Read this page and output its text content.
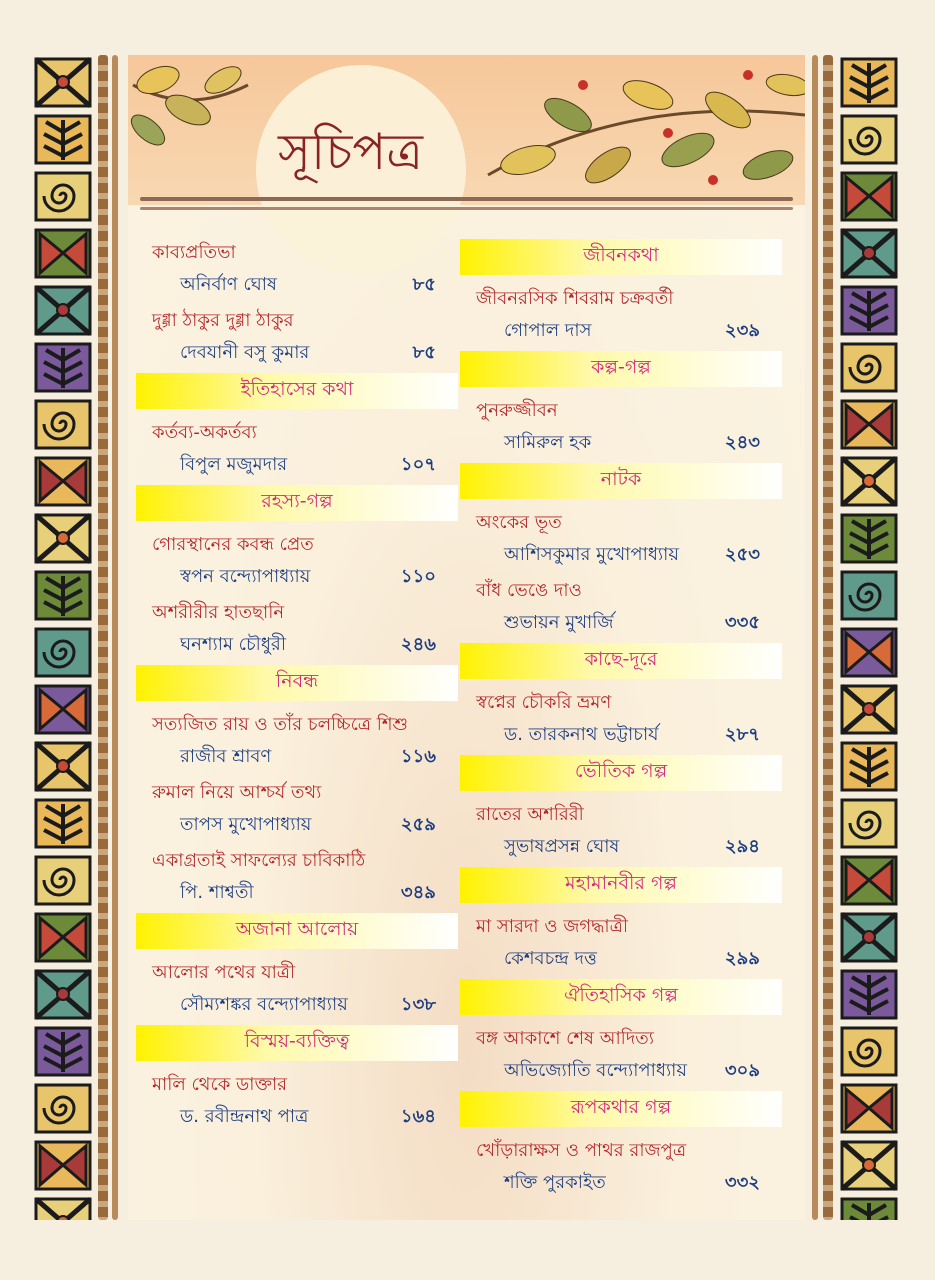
সূচিপত্র
কাব্যপ্রতিভা
অনির্বাণ ঘোষ	৮৫
দুগ্গা ঠাকুর দুগ্গা ঠাকুর
দেবযানী বসু কুমার	৮৫
ইতিহাসের কথা
কর্তব্য-অকর্তব্য
বিপুল মজুমদার	১০৭
রহস্য-গল্প
গোরস্থানের কবন্ধ প্রেত
স্বপন বন্দ্যোপাধ্যায়	১১০
অশরীরীর হাতছানি
ঘনশ্যাম চৌধুরী	২৪৬
নিবন্ধ
সত্যজিত রায় ও তাঁর চলচ্চিত্রে শিশু
রাজীব শ্রাবণ	১১৬
রুমাল নিয়ে আশ্চর্য তথ্য
তাপস মুখোপাধ্যায়	২৫৯
একাগ্রতাই সাফল্যের চাবিকাঠি
পি. শাশ্বতী	৩৪৯
অজানা আলোয়
আলোর পথের যাত্রী
সৌম্যশঙ্কর বন্দ্যোপাধ্যায়	১৩৮
বিস্ময়-ব্যক্তিত্ব
মালি থেকে ডাক্তার
ড. রবীন্দ্রনাথ পাত্র	১৬৪
জীবনকথা
জীবনরসিক শিবরাম চক্রবর্তী
গোপাল দাস	২৩৯
কল্প-গল্প
পুনরুজ্জীবন
সামিরুল হক	২৪৩
নাটক
অংকের ভূত
আশিসকুমার মুখোপাধ্যায়	২৫৩
বাঁধ ভেঙে দাও
শুভায়ন মুখার্জি	৩৩৫
কাছে-দূরে
স্বপ্নের চৌকরি ভ্রমণ
ড. তারকনাথ ভট্টাচার্য	২৮৭
ভৌতিক গল্প
রাতের অশরিরী
সুভাষপ্রসন্ন ঘোষ	২৯৪
মহামানবীর গল্প
মা সারদা ও জগদ্ধাত্রী
কেশবচন্দ্র দত্ত	২৯৯
ঐতিহাসিক গল্প
বঙ্গ আকাশে শেষ আদিত্য
অভিজ্যোতি বন্দ্যোপাধ্যায় ৩০৯
রূপকথার গল্প
খোঁড়ারাক্ষস ও পাথর রাজপুত্র
শক্তি পুরকাইত	৩৩২
